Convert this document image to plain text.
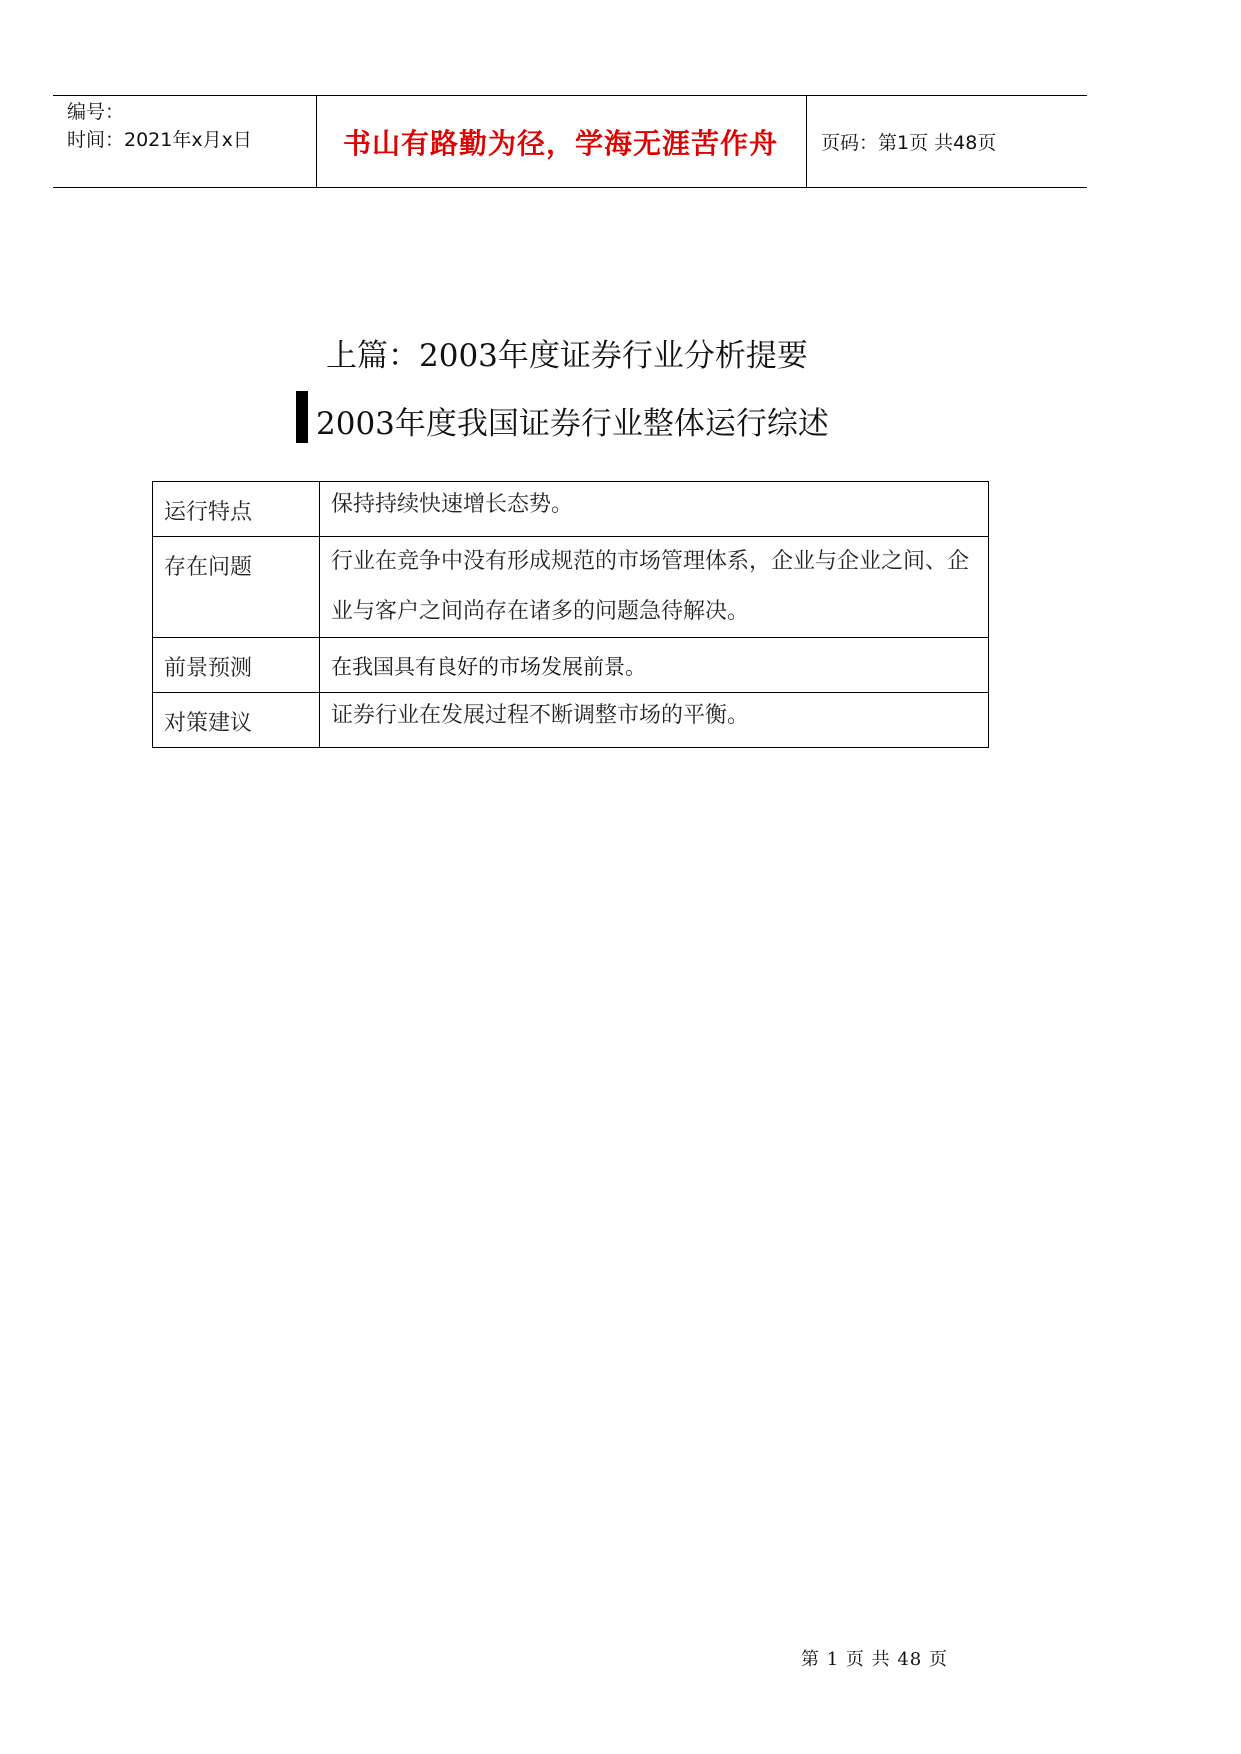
编号：
时间：2021年x月x日	书山有路勤为径，学海无涯苦作舟 页码：第1页 共48页
上篇：2003年度证券行业分析提要
2003年度我国证券行业整体运行综述
运行特点	保持持续快速增长态势。
存在问题	行业在竞争中没有形成规范的市场管理体系，企业与企业之间、企业与客户之间尚存在诸多的问题急待解决。
前景预测	在我国具有良好的市场发展前景。
对策建议	证券行业在发展过程不断调整市场的平衡。
第 1 页 共 48 页
